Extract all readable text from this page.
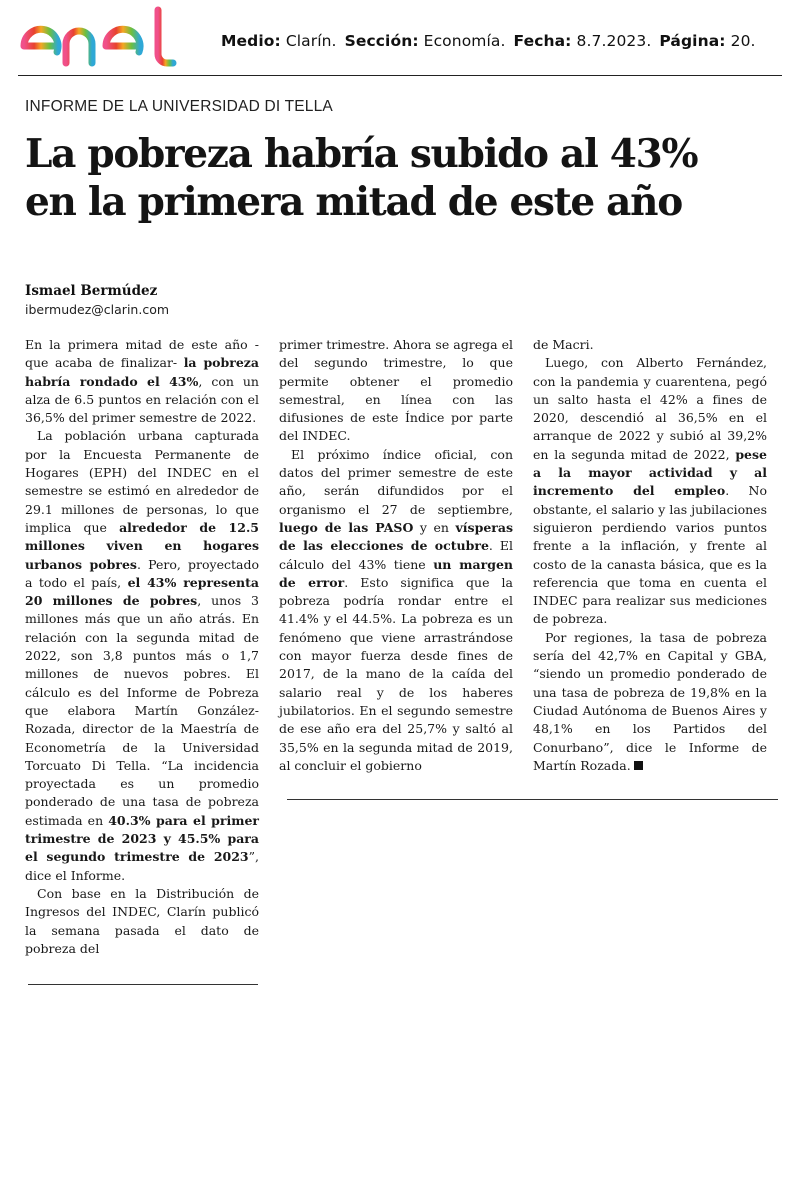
Medio: Clarín. Sección: Economía. Fecha: 8.7.2023. Página: 20.
INFORME DE LA UNIVERSIDAD DI TELLA
La pobreza habría subido al 43%
en la primera mitad de este año
Ismael Bermúdez
ibermudez@clarin.com

En la primera mitad de este año -que acaba de finalizar- la pobreza habría rondado el 43%, con un alza de 6.5 puntos en relación con el 36,5% del primer semestre de 2022.

La población urbana capturada por la Encuesta Permanente de Hogares (EPH) del INDEC en el semestre se estimó en alrededor de 29.1 millones de personas, lo que implica que alrededor de 12.5 millones viven en hogares urbanos pobres. Pero, proyectado a todo el país, el 43% representa 20 millones de pobres, unos 3 millones más que un año atrás. En relación con la segunda mitad de 2022, son 3,8 puntos más o 1,7 millones de nuevos pobres. El cálculo es del Informe de Pobreza que elabora Martín González-Rozada, director de la Maestría de Econometría de la Universidad Torcuato Di Tella. “La incidencia proyectada es un promedio ponderado de una tasa de pobreza estimada en 40.3% para el primer trimestre de 2023 y 45.5% para el segundo trimestre de 2023”, dice el Informe.

Con base en la Distribución de Ingresos del INDEC, Clarín publicó la semana pasada el dato de pobreza del

primer trimestre. Ahora se agrega el del segundo trimestre, lo que permite obtener el promedio semestral, en línea con las difusiones de este Índice por parte del INDEC.

El próximo índice oficial, con datos del primer semestre de este año, serán difundidos por el organismo el 27 de septiembre, luego de las PASO y en vísperas de las elecciones de octubre. El cálculo del 43% tiene un margen de error. Esto significa que la pobreza podría rondar entre el 41.4% y el 44.5%. La pobreza es un fenómeno que viene arrastrándose con mayor fuerza desde fines de 2017, de la mano de la caída del salario real y de los haberes jubilatorios. En el segundo semestre de ese año era del 25,7% y saltó al 35,5% en la segunda mitad de 2019, al concluir el gobierno

de Macri.

Luego, con Alberto Fernández, con la pandemia y cuarentena, pegó un salto hasta el 42% a fines de 2020, descendió al 36,5% en el arranque de 2022 y subió al 39,2% en la segunda mitad de 2022, pese a la mayor actividad y al incremento del empleo. No obstante, el salario y las jubilaciones siguieron perdiendo varios puntos frente a la inflación, y frente al costo de la canasta básica, que es la referencia que toma en cuenta el INDEC para realizar sus mediciones de pobreza.

Por regiones, la tasa de pobreza sería del 42,7% en Capital y GBA, “siendo un promedio ponderado de una tasa de pobreza de 19,8% en la Ciudad Autónoma de Buenos Aires y 48,1% en los Partidos del Conurbano”, dice le Informe de Martín Rozada.
